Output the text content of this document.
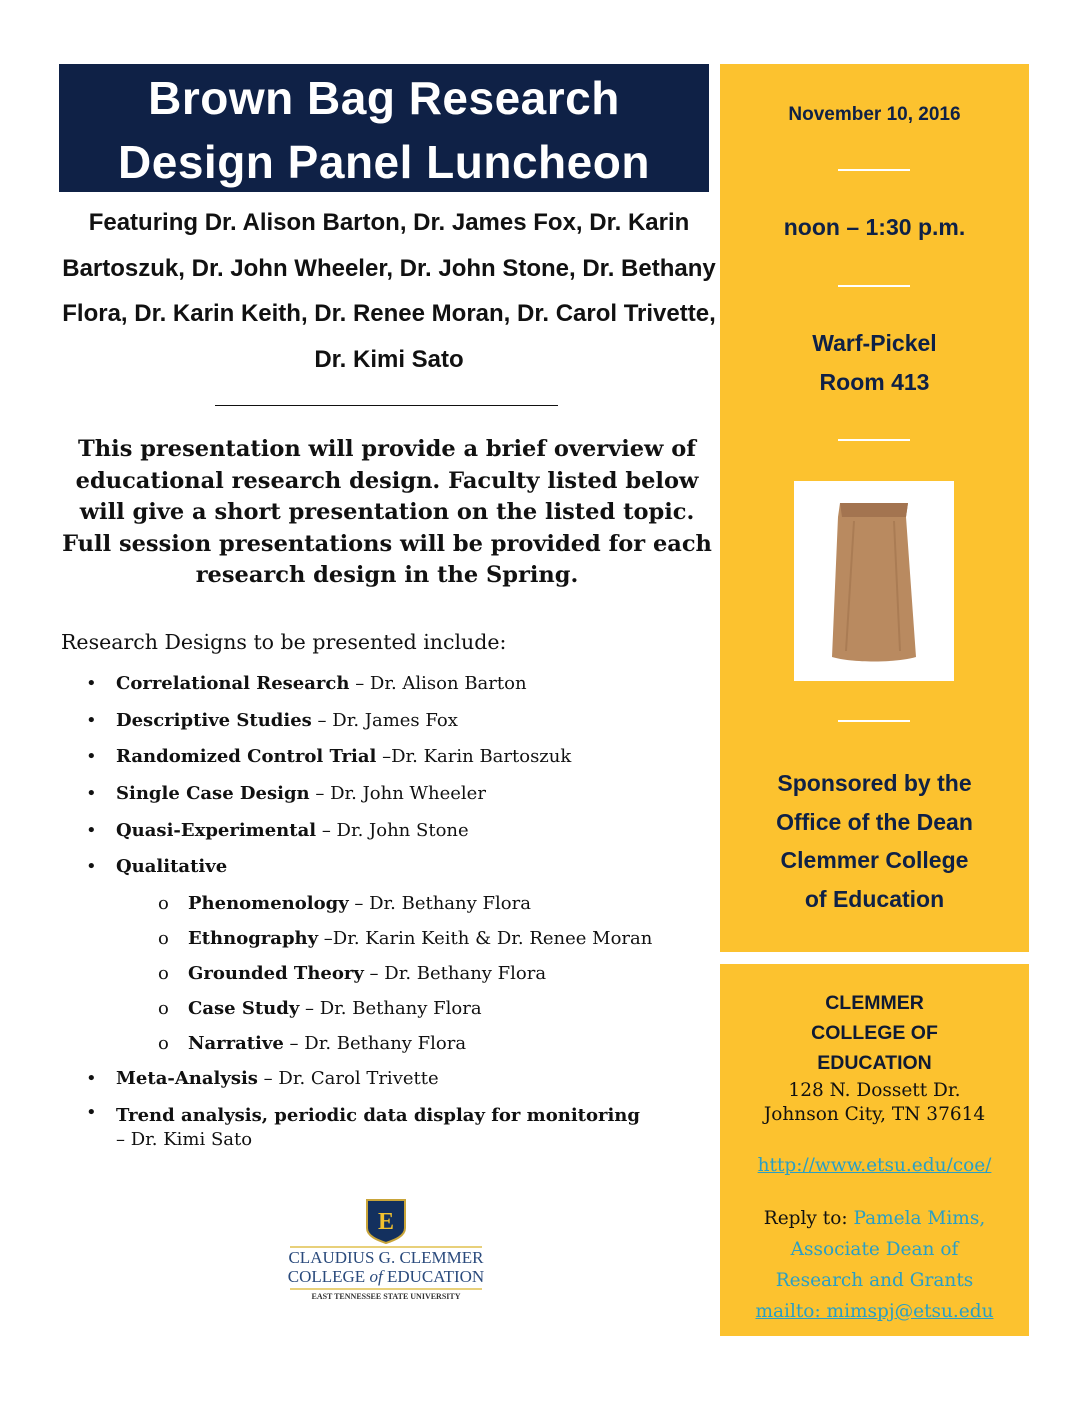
Brown Bag Research
Design Panel Luncheon
Featuring Dr. Alison Barton, Dr. James Fox, Dr. Karin Bartoszuk, Dr. John Wheeler, Dr. John Stone, Dr. Bethany Flora, Dr. Karin Keith, Dr. Renee Moran, Dr. Carol Trivette, Dr. Kimi Sato
This presentation will provide a brief overview of educational research design. Faculty listed below will give a short presentation on the listed topic. Full session presentations will be provided for each research design in the Spring.
Research Designs to be presented include:
• Correlational Research – Dr. Alison Barton
• Descriptive Studies – Dr. James Fox
• Randomized Control Trial –Dr. Karin Bartoszuk
• Single Case Design – Dr. John Wheeler
• Quasi-Experimental – Dr. John Stone
• Qualitative
o Phenomenology – Dr. Bethany Flora
o Ethnography –Dr. Karin Keith & Dr. Renee Moran
o Grounded Theory – Dr. Bethany Flora
o Case Study – Dr. Bethany Flora
o Narrative – Dr. Bethany Flora
• Meta-Analysis – Dr. Carol Trivette
• Trend analysis, periodic data display for monitoring
– Dr. Kimi Sato
E
CLAUDIUS G. CLEMMER
COLLEGE of EDUCATION
EAST TENNESSEE STATE UNIVERSITY
November 10, 2016
noon – 1:30 p.m.
Warf-Pickel
Room 413
Sponsored by the
Office of the Dean
Clemmer College
of Education
CLEMMER
COLLEGE OF
EDUCATION
128 N. Dossett Dr.
Johnson City, TN 37614
http://www.etsu.edu/coe/
Reply to: Pamela Mims,
Associate Dean of
Research and Grants
mailto: mimspj@etsu.edu
